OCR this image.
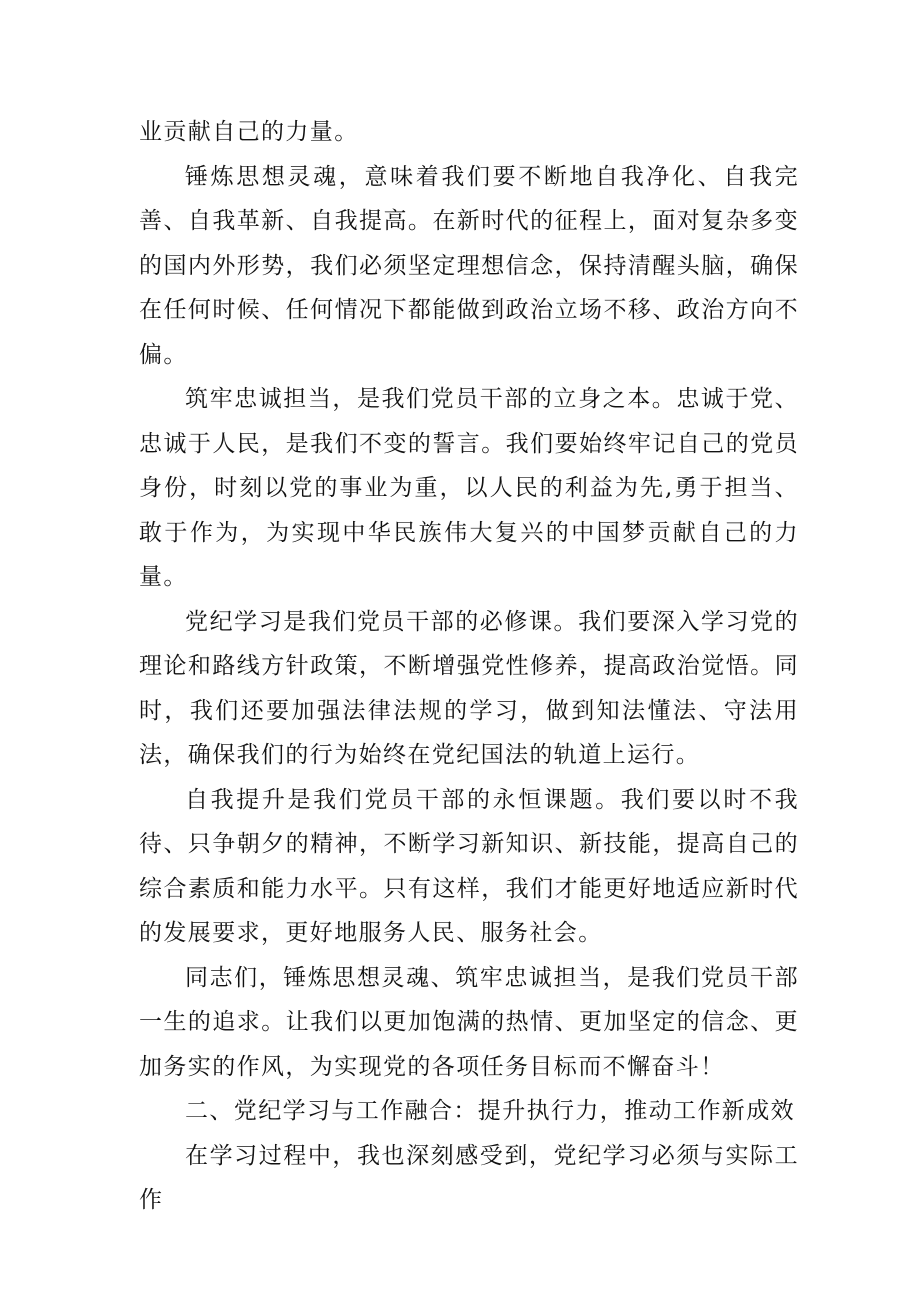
业贡献自己的力量。

锤炼思想灵魂，意味着我们要不断地自我净化、自我完善、自我革新、自我提高。在新时代的征程上，面对复杂多变的国内外形势，我们必须坚定理想信念，保持清醒头脑，确保在任何时候、任何情况下都能做到政治立场不移、政治方向不偏。

筑牢忠诚担当，是我们党员干部的立身之本。忠诚于党、忠诚于人民，是我们不变的誓言。我们要始终牢记自己的党员身份，时刻以党的事业为重，以人民的利益为先,勇于担当、敢于作为，为实现中华民族伟大复兴的中国梦贡献自己的力量。

党纪学习是我们党员干部的必修课。我们要深入学习党的理论和路线方针政策，不断增强党性修养，提高政治觉悟。同时，我们还要加强法律法规的学习，做到知法懂法、守法用法，确保我们的行为始终在党纪国法的轨道上运行。

自我提升是我们党员干部的永恒课题。我们要以时不我待、只争朝夕的精神，不断学习新知识、新技能，提高自己的综合素质和能力水平。只有这样，我们才能更好地适应新时代的发展要求，更好地服务人民、服务社会。

同志们，锤炼思想灵魂、筑牢忠诚担当，是我们党员干部一生的追求。让我们以更加饱满的热情、更加坚定的信念、更加务实的作风，为实现党的各项任务目标而不懈奋斗！

二、党纪学习与工作融合：提升执行力，推动工作新成效

在学习过程中，我也深刻感受到，党纪学习必须与实际工作
